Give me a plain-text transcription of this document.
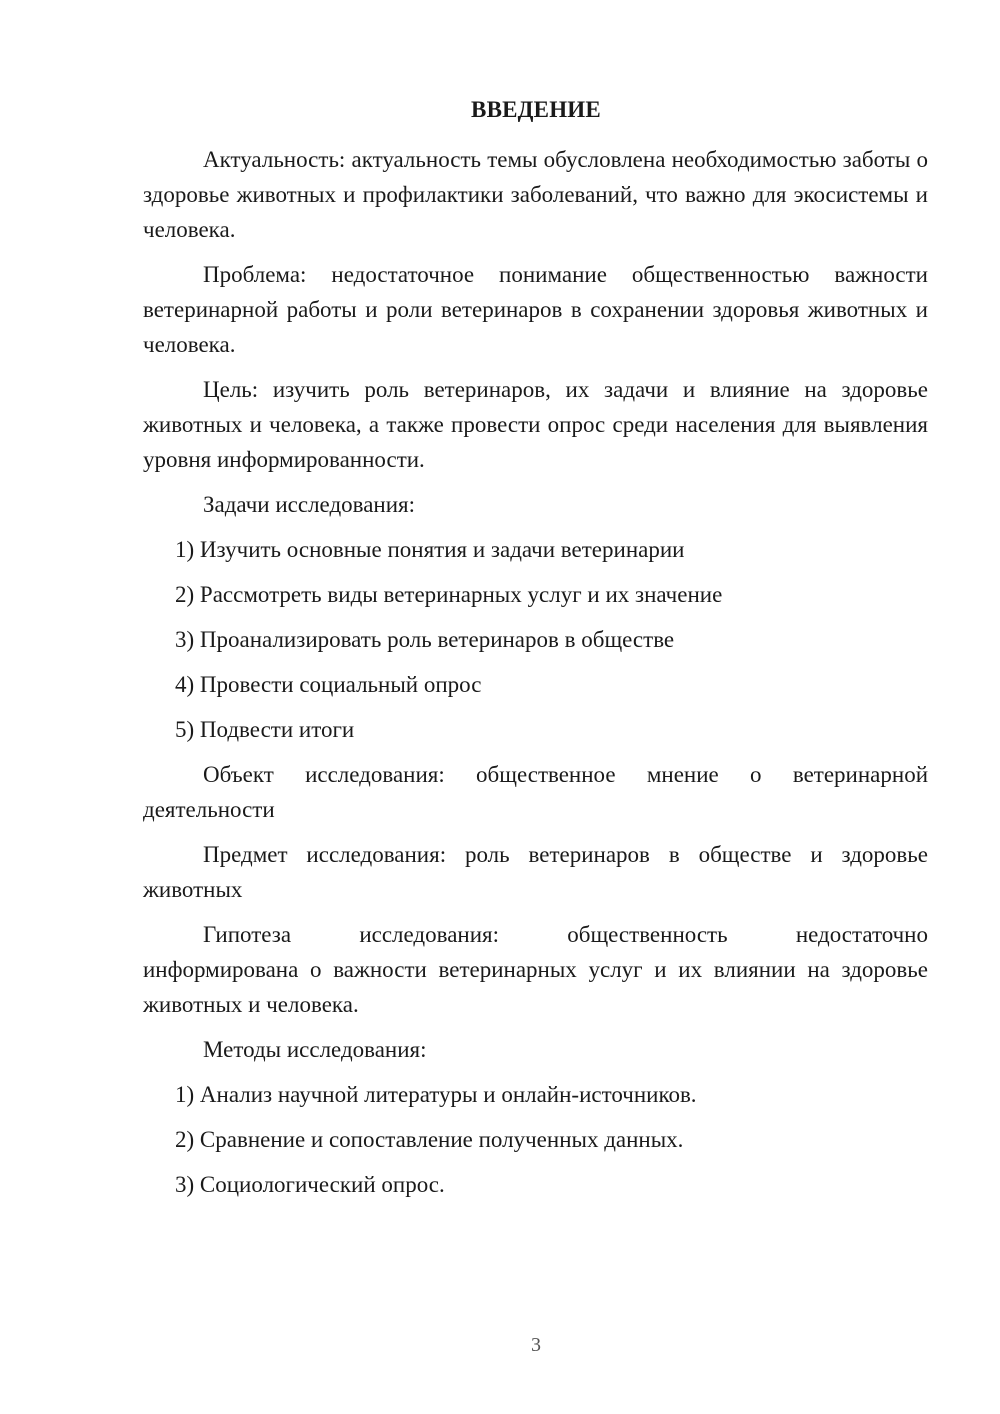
ВВЕДЕНИЕ

Актуальность: актуальность темы обусловлена необходимостью заботы о здоровье животных и профилактики заболеваний, что важно для экосистемы и человека.

Проблема: недостаточное понимание общественностью важности ветеринарной работы и роли ветеринаров в сохранении здоровья животных и человека.

Цель: изучить роль ветеринаров, их задачи и влияние на здоровье животных и человека, а также провести опрос среди населения для выявления уровня информированности.

Задачи исследования:

1) Изучить основные понятия и задачи ветеринарии
2) Рассмотреть виды ветеринарных услуг и их значение
3) Проанализировать роль ветеринаров в обществе
4) Провести социальный опрос
5) Подвести итоги

Объект исследования: общественное мнение о ветеринарной деятельности

Предмет исследования: роль ветеринаров в обществе и здоровье животных

Гипотеза исследования: общественность недостаточно
информирована о важности ветеринарных услуг и их влиянии на здоровье животных и человека.

Методы исследования:

1) Анализ научной литературы и онлайн-источников.
2) Сравнение и сопоставление полученных данных.
3) Социологический опрос.
3
